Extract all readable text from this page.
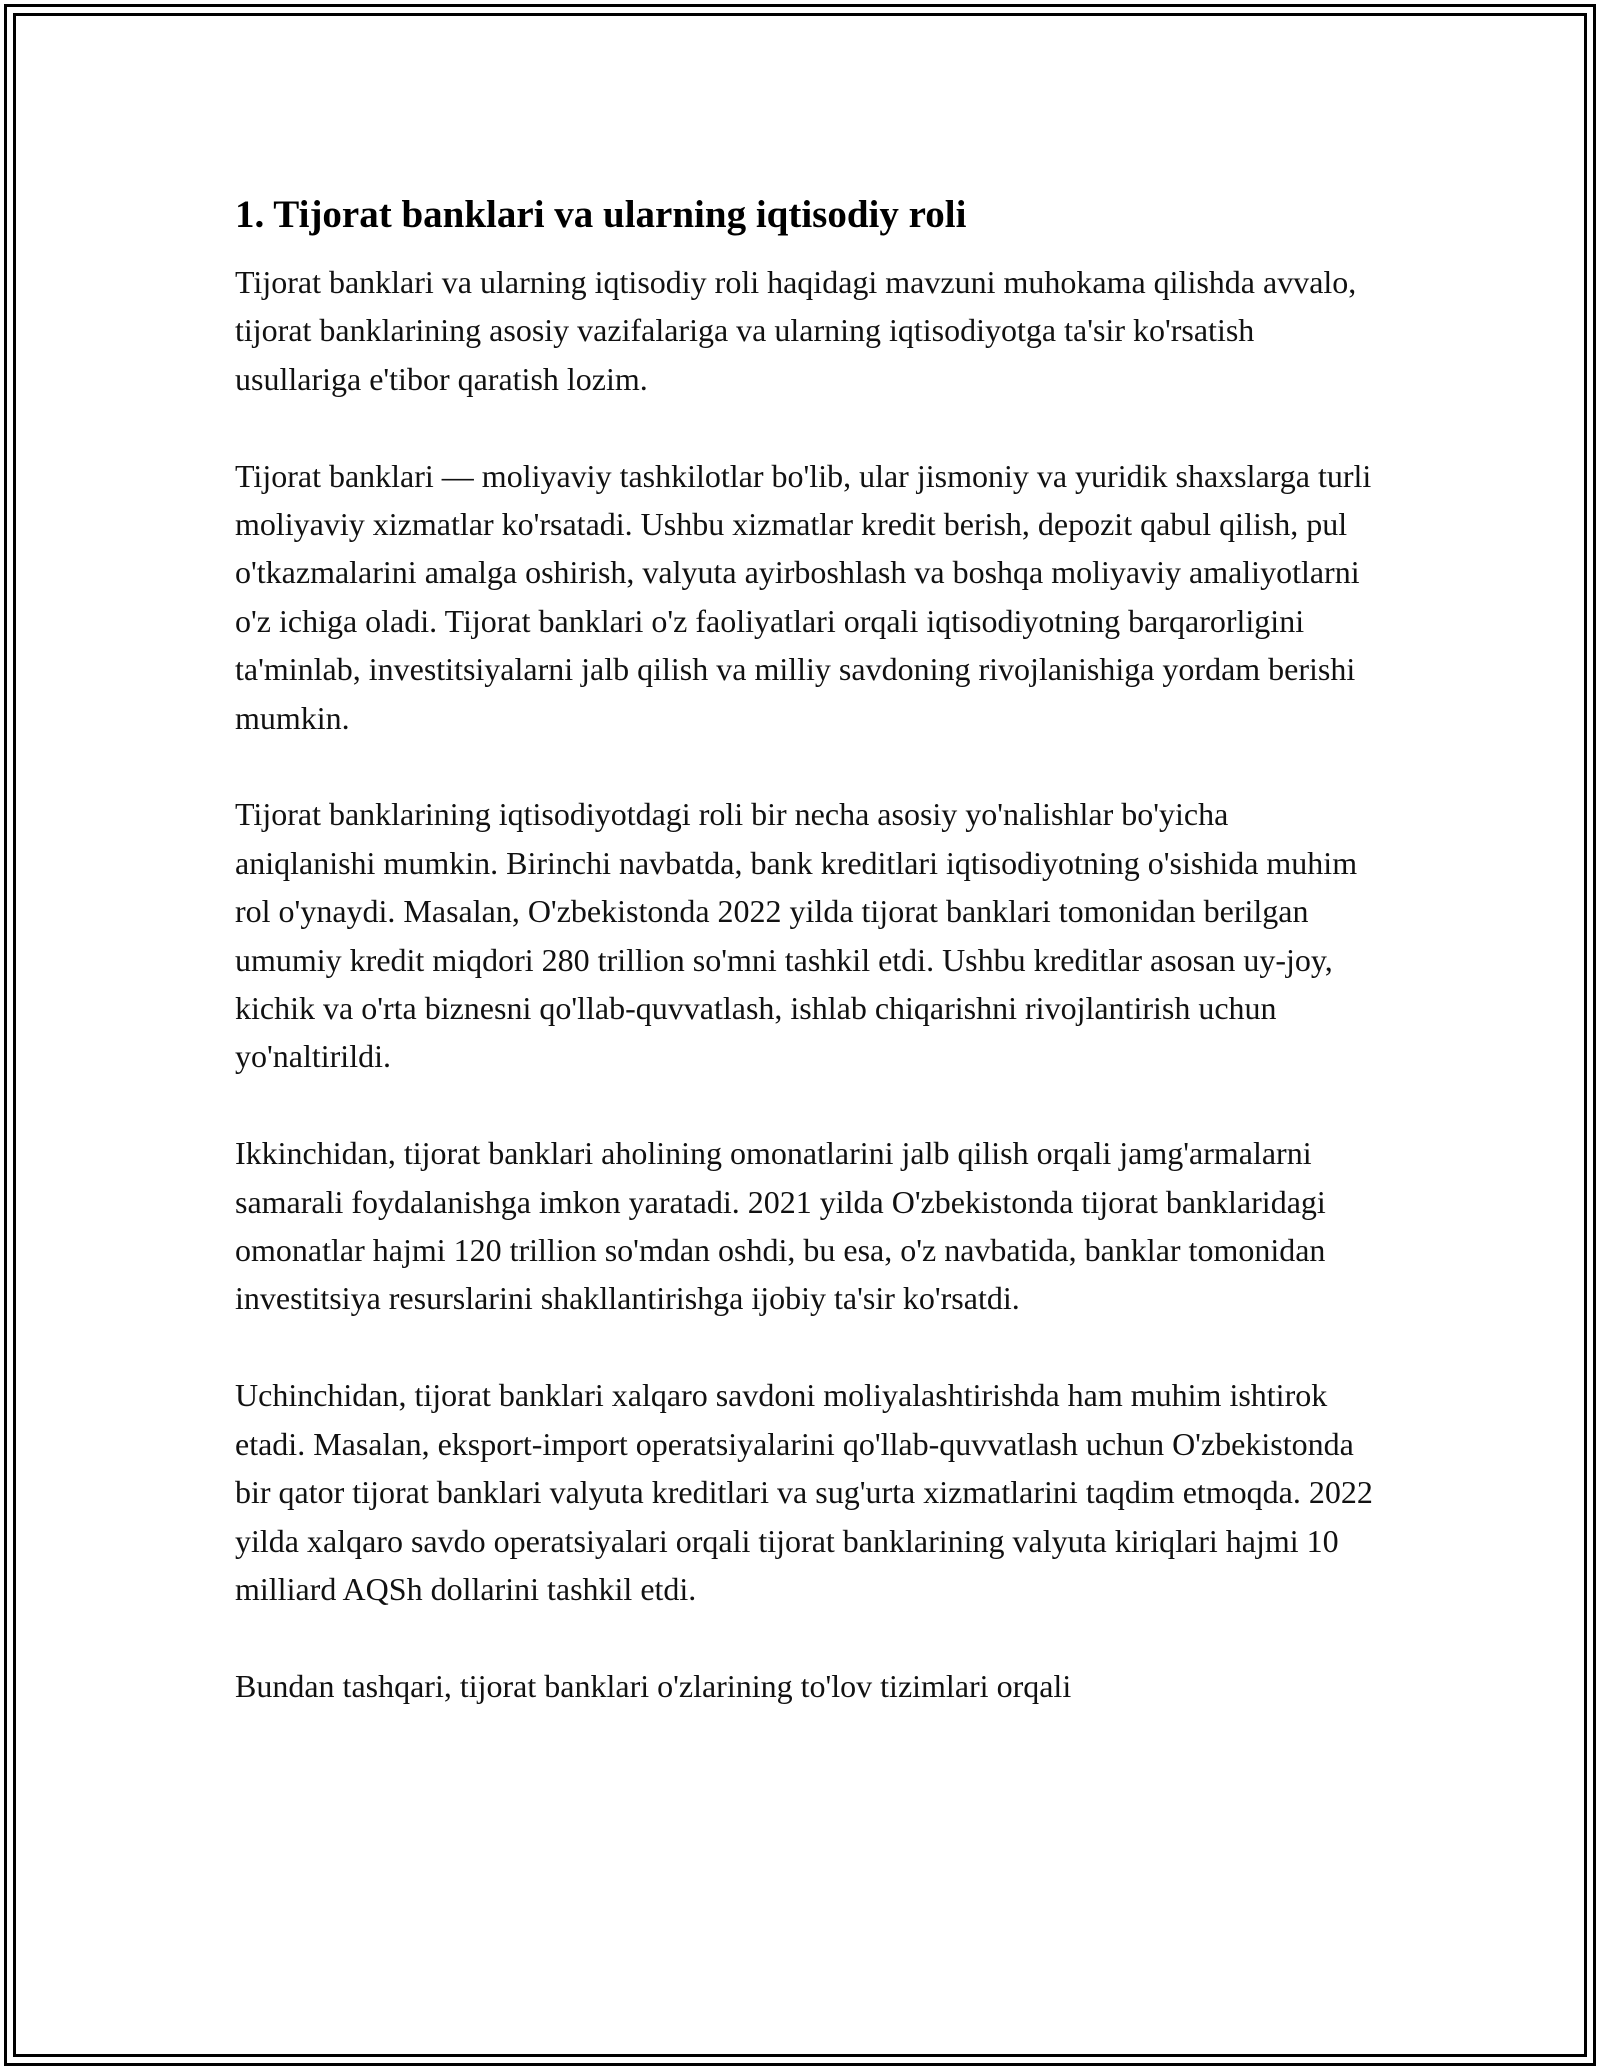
1. Tijorat banklari va ularning iqtisodiy roli

Tijorat banklari va ularning iqtisodiy roli haqidagi mavzuni muhokama qilishda avvalo, tijorat banklarining asosiy vazifalariga va ularning iqtisodiyotga ta'sir ko'rsatish usullariga e'tibor qaratish lozim.

Tijorat banklari — moliyaviy tashkilotlar bo'lib, ular jismoniy va yuridik shaxslarga turli moliyaviy xizmatlar ko'rsatadi. Ushbu xizmatlar kredit berish, depozit qabul qilish, pul o'tkazmalarini amalga oshirish, valyuta ayirboshlash va boshqa moliyaviy amaliyotlarni o'z ichiga oladi. Tijorat banklari o'z faoliyatlari orqali iqtisodiyotning barqarorligini ta'minlab, investitsiyalarni jalb qilish va milliy savdoning rivojlanishiga yordam berishi mumkin.

Tijorat banklarining iqtisodiyotdagi roli bir necha asosiy yo'nalishlar bo'yicha aniqlanishi mumkin. Birinchi navbatda, bank kreditlari iqtisodiyotning o'sishida muhim rol o'ynaydi. Masalan, O'zbekistonda 2022 yilda tijorat banklari tomonidan berilgan umumiy kredit miqdori 280 trillion so'mni tashkil etdi. Ushbu kreditlar asosan uy-joy, kichik va o'rta biznesni qo'llab-quvvatlash, ishlab chiqarishni rivojlantirish uchun yo'naltirildi.

Ikkinchidan, tijorat banklari aholining omonatlarini jalb qilish orqali jamg'armalarni samarali foydalanishga imkon yaratadi. 2021 yilda O'zbekistonda tijorat banklaridagi omonatlar hajmi 120 trillion so'mdan oshdi, bu esa, o'z navbatida, banklar tomonidan investitsiya resurslarini shakllantirishga ijobiy ta'sir ko'rsatdi.

Uchinchidan, tijorat banklari xalqaro savdoni moliyalashtirishda ham muhim ishtirok etadi. Masalan, eksport-import operatsiyalarini qo'llab-quvvatlash uchun O'zbekistonda bir qator tijorat banklari valyuta kreditlari va sug'urta xizmatlarini taqdim etmoqda. 2022 yilda xalqaro savdo operatsiyalari orqali tijorat banklarining valyuta kiriqlari hajmi 10 milliard AQSh dollarini tashkil etdi.

Bundan tashqari, tijorat banklari o'zlarining to'lov tizimlari orqali
